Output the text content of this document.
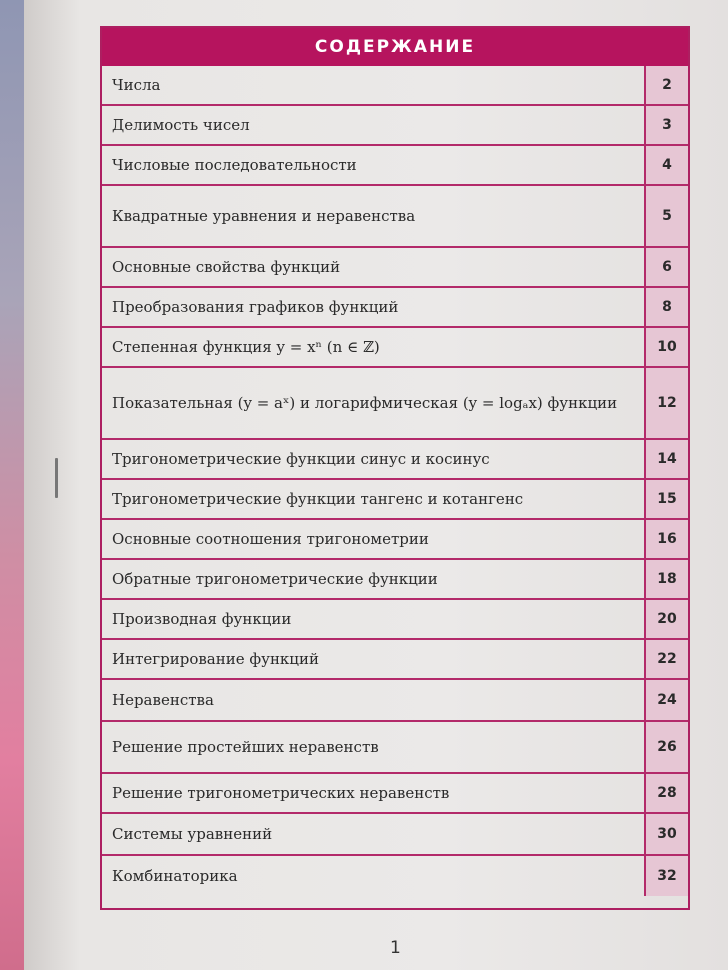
СОДЕРЖАНИЕ
Числа	2
Делимость чисел	3
Числовые последовательности	4
Квадратные уравнения и неравенства	5
Основные свойства функций	6
Преобразования графиков функций	8
Степенная функция y = xⁿ (n ∈ ℤ)	10
Показательная (y = aˣ) и логарифмическая (y = logₐx) функции	12
Тригонометрические функции синус и косинус	14
Тригонометрические функции тангенс и котангенс	15
Основные соотношения тригонометрии	16
Обратные тригонометрические функции	18
Производная функции	20
Интегрирование функций	22
Неравенства	24
Решение простейших неравенств	26
Решение тригонометрических неравенств	28
Системы уравнений	30
Комбинаторика	32
1
